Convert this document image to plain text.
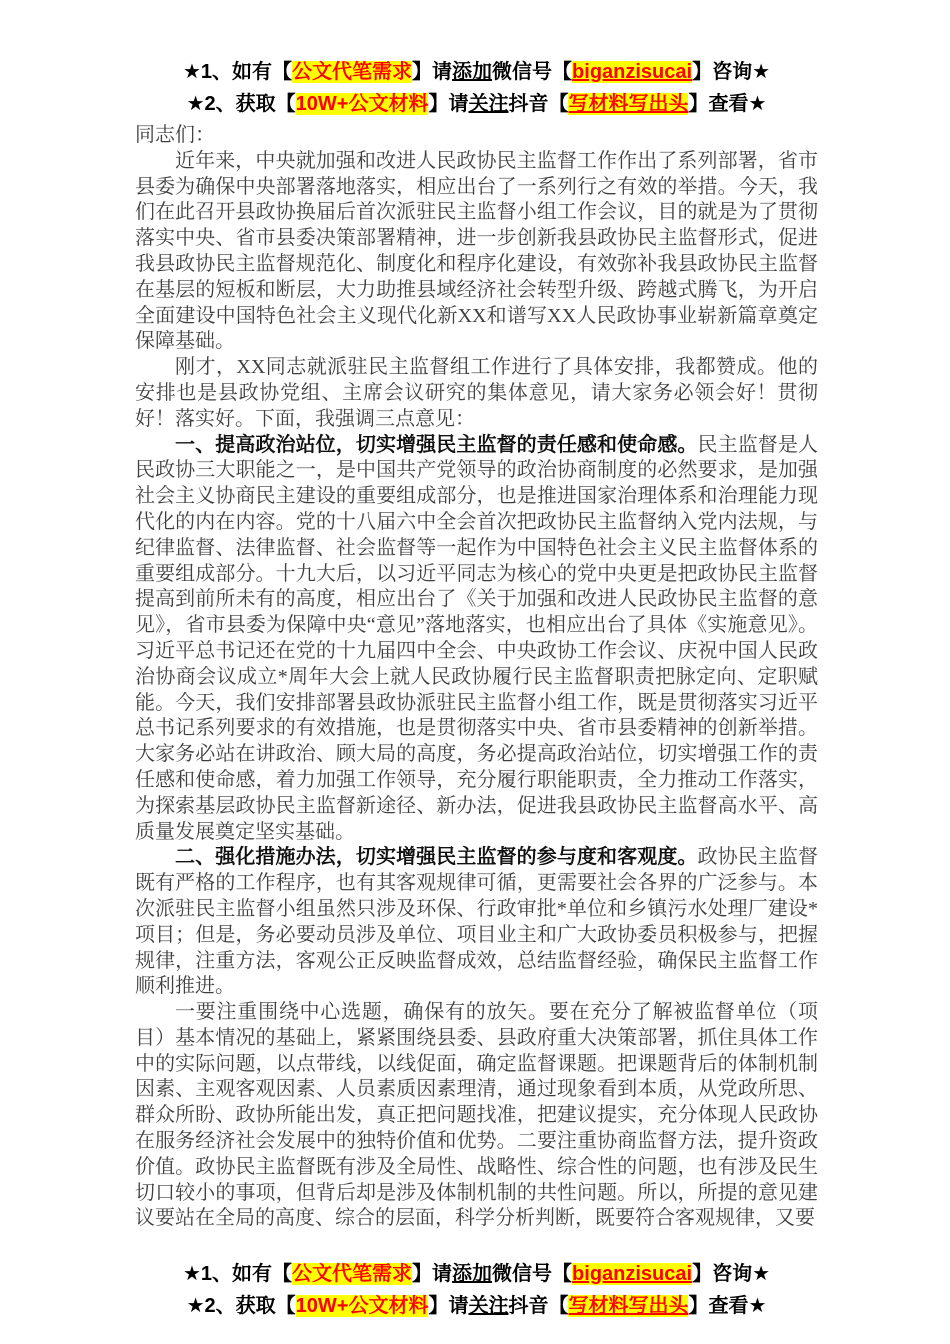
★1、如有【公文代笔需求】请添加微信号【biganzisucai】咨询★
★2、获取【10W+公文材料】请关注抖音【写材料写出头】查看★

同志们：

近年来，中央就加强和改进人民政协民主监督工作作出了系列部署，省市县委为确保中央部署落地落实，相应出台了一系列行之有效的举措。今天，我们在此召开县政协换届后首次派驻民主监督小组工作会议，目的就是为了贯彻落实中央、省市县委决策部署精神，进一步创新我县政协民主监督形式，促进我县政协民主监督规范化、制度化和程序化建设，有效弥补我县政协民主监督在基层的短板和断层，大力助推县域经济社会转型升级、跨越式腾飞，为开启全面建设中国特色社会主义现代化新XX和谱写XX人民政协事业崭新篇章奠定保障基础。

刚才，XX同志就派驻民主监督组工作进行了具体安排，我都赞成。他的安排也是县政协党组、主席会议研究的集体意见，请大家务必领会好！贯彻好！落实好。下面，我强调三点意见：

一、提高政治站位，切实增强民主监督的责任感和使命感。民主监督是人民政协三大职能之一，是中国共产党领导的政治协商制度的必然要求，是加强社会主义协商民主建设的重要组成部分，也是推进国家治理体系和治理能力现代化的内在内容。党的十八届六中全会首次把政协民主监督纳入党内法规，与纪律监督、法律监督、社会监督等一起作为中国特色社会主义民主监督体系的重要组成部分。十九大后，以习近平同志为核心的党中央更是把政协民主监督提高到前所未有的高度，相应出台了《关于加强和改进人民政协民主监督的意见》，省市县委为保障中央“意见”落地落实，也相应出台了具体《实施意见》。习近平总书记还在党的十九届四中全会、中央政协工作会议、庆祝中国人民政治协商会议成立*周年大会上就人民政协履行民主监督职责把脉定向、定职赋能。今天，我们安排部署县政协派驻民主监督小组工作，既是贯彻落实习近平总书记系列要求的有效措施，也是贯彻落实中央、省市县委精神的创新举措。大家务必站在讲政治、顾大局的高度，务必提高政治站位，切实增强工作的责任感和使命感，着力加强工作领导，充分履行职能职责，全力推动工作落实，为探索基层政协民主监督新途径、新办法，促进我县政协民主监督高水平、高质量发展奠定坚实基础。

二、强化措施办法，切实增强民主监督的参与度和客观度。政协民主监督既有严格的工作程序，也有其客观规律可循，更需要社会各界的广泛参与。本次派驻民主监督小组虽然只涉及环保、行政审批*单位和乡镇污水处理厂建设*项目；但是，务必要动员涉及单位、项目业主和广大政协委员积极参与，把握规律，注重方法，客观公正反映监督成效，总结监督经验，确保民主监督工作顺利推进。

一要注重围绕中心选题，确保有的放矢。要在充分了解被监督单位（项目）基本情况的基础上，紧紧围绕县委、县政府重大决策部署，抓住具体工作中的实际问题，以点带线，以线促面，确定监督课题。把课题背后的体制机制因素、主观客观因素、人员素质因素理清，通过现象看到本质，从党政所思、群众所盼、政协所能出发，真正把问题找准，把建议提实，充分体现人民政协在服务经济社会发展中的独特价值和优势。二要注重协商监督方法，提升资政价值。政协民主监督既有涉及全局性、战略性、综合性的问题，也有涉及民生切口较小的事项，但背后却是涉及体制机制的共性问题。所以，所提的意见建议要站在全局的高度、综合的层面，科学分析判断，既要符合客观规律，又要

★1、如有【公文代笔需求】请添加微信号【biganzisucai】咨询★
★2、获取【10W+公文材料】请关注抖音【写材料写出头】查看★
